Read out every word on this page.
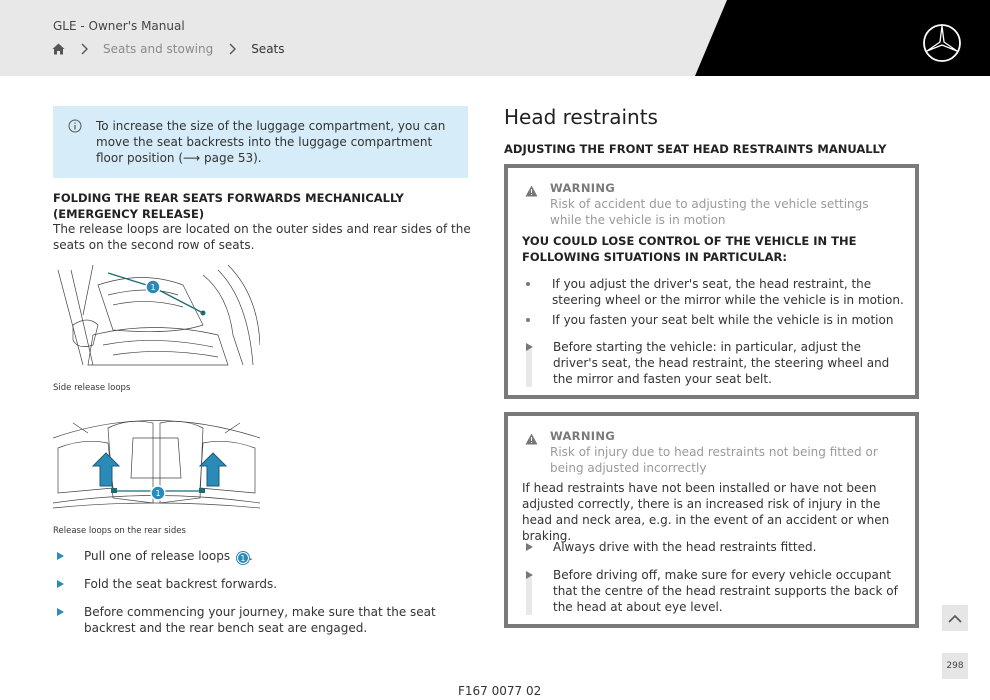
GLE - Owner's Manual
Seats and stowing	Seats
To increase the size of the luggage compartment, you can move the seat backrests into the luggage compartment floor position (⟶ page 53).
FOLDING THE REAR SEATS FORWARDS MECHANICALLY (EMERGENCY RELEASE)
The release loops are located on the outer sides and rear sides of the seats on the second row of seats.
1
Side release loops
1
Release loops on the rear sides
Pull one of release loops 1 .
Fold the seat backrest forwards.
Before commencing your journey, make sure that the seat backrest and the rear bench seat are engaged.
Head restraints
ADJUSTING THE FRONT SEAT HEAD RESTRAINTS MANUALLY
WARNING
Risk of accident due to adjusting the vehicle settings while the vehicle is in motion
YOU COULD LOSE CONTROL OF THE VEHICLE IN THE FOLLOWING SITUATIONS IN PARTICULAR:
If you adjust the driver's seat, the head restraint, the steering wheel or the mirror while the vehicle is in motion.
If you fasten your seat belt while the vehicle is in motion
Before starting the vehicle: in particular, adjust the driver's seat, the head restraint, the steering wheel and the mirror and fasten your seat belt.
WARNING
Risk of injury due to head restraints not being fitted or being adjusted incorrectly
If head restraints have not been installed or have not been adjusted correctly, there is an increased risk of injury in the head and neck area, e.g. in the event of an accident or when braking.
Always drive with the head restraints fitted.
Before driving off, make sure for every vehicle occupant that the centre of the head restraint supports the back of the head at about eye level.
298
F167 0077 02
